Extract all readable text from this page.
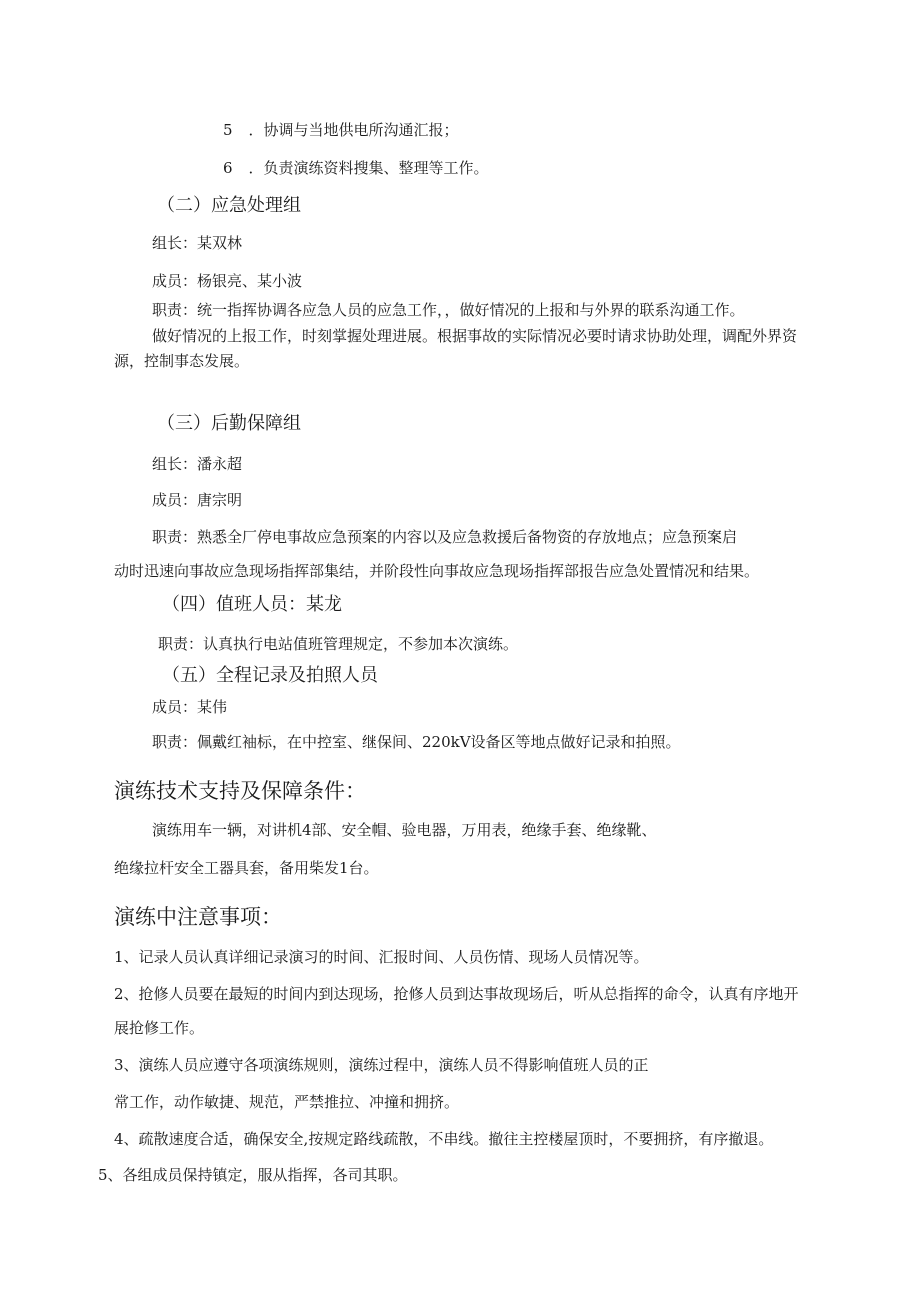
5 ．协调与当地供电所沟通汇报；
6 ．负责演练资料搜集、整理等工作。
（二）应急处理组
组长：某双林
成员：杨银亮、某小波
职责：统一指挥协调各应急人员的应急工作，，做好情况的上报和与外界的联系沟通工作。
做好情况的上报工作，时刻掌握处理进展。根据事故的实际情况必要时请求协助处理，调配外界资
源，控制事态发展。
（三）后勤保障组
组长：潘永超
成员：唐宗明
职责：熟悉全厂停电事故应急预案的内容以及应急救援后备物资的存放地点；应急预案启
动时迅速向事故应急现场指挥部集结，并阶段性向事故应急现场指挥部报告应急处置情况和结果。
（四）值班人员：某龙
职责：认真执行电站值班管理规定，不参加本次演练。
（五）全程记录及拍照人员
成员：某伟
职责：佩戴红袖标，在中控室、继保间、220kV设备区等地点做好记录和拍照。
演练技术支持及保障条件：
演练用车一辆，对讲机4部、安全帽、验电器，万用表，绝缘手套、绝缘靴、
绝缘拉杆安全工器具套，备用柴发1台。
演练中注意事项：
1、记录人员认真详细记录演习的时间、汇报时间、人员伤情、现场人员情况等。
2、抢修人员要在最短的时间内到达现场，抢修人员到达事故现场后，听从总指挥的命令，认真有序地开
展抢修工作。
3、演练人员应遵守各项演练规则，演练过程中，演练人员不得影响值班人员的正
常工作，动作敏捷、规范，严禁推拉、冲撞和拥挤。
4、疏散速度合适，确保安全,按规定路线疏散，不串线。撤往主控楼屋顶时，不要拥挤，有序撤退。
5、各组成员保持镇定，服从指挥，各司其职。
